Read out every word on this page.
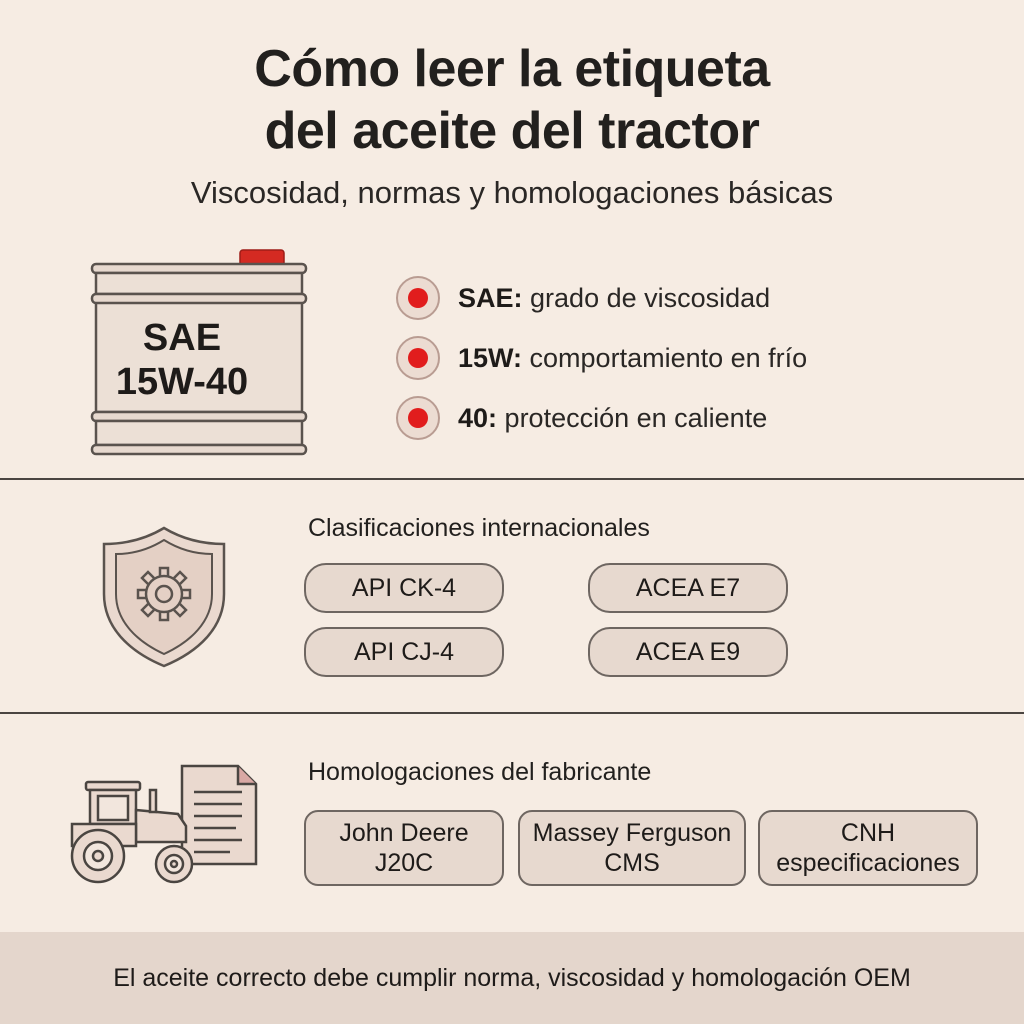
Cómo leer la etiqueta
del aceite del tractor
Viscosidad, normas y homologaciones básicas
SAE
15W-40
SAE: grado de viscosidad
15W: comportamiento en frío
40: protección en caliente
Clasificaciones internacionales
API CK-4	ACEA E7
API CJ-4	ACEA E9
Homologaciones del fabricante
John Deere
J20C
Massey Ferguson
CMS
CNH
especificaciones
El aceite correcto debe cumplir norma, viscosidad y homologación OEM
